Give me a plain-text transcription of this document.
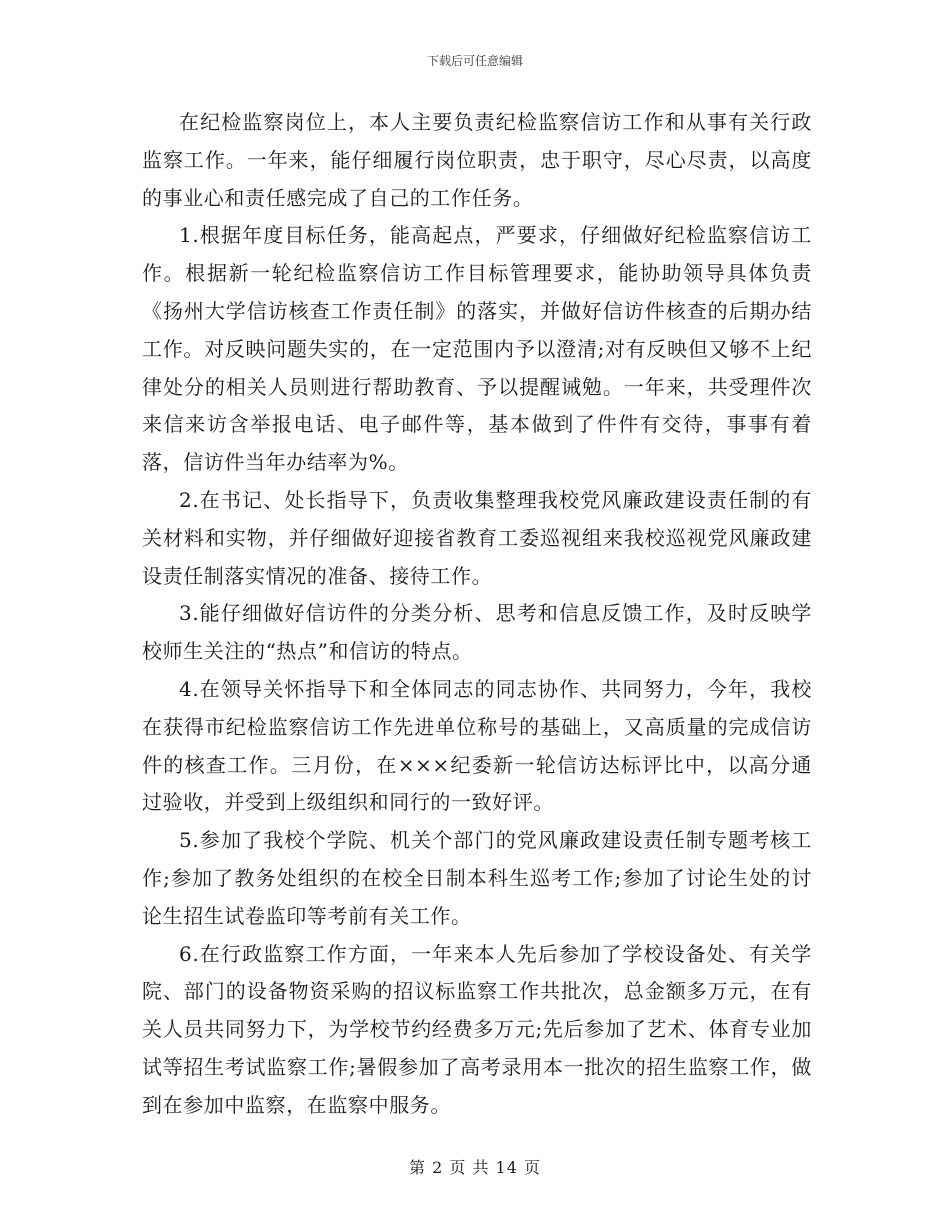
下载后可任意编辑

在纪检监察岗位上，本人主要负责纪检监察信访工作和从事有关行政监察工作。一年来，能仔细履行岗位职责，忠于职守，尽心尽责，以高度的事业心和责任感完成了自己的工作任务。

1.根据年度目标任务，能高起点，严要求，仔细做好纪检监察信访工作。根据新一轮纪检监察信访工作目标管理要求，能协助领导具体负责《扬州大学信访核查工作责任制》的落实，并做好信访件核查的后期办结工作。对反映问题失实的，在一定范围内予以澄清;对有反映但又够不上纪律处分的相关人员则进行帮助教育、予以提醒诫勉。一年来，共受理件次来信来访含举报电话、电子邮件等，基本做到了件件有交待，事事有着落，信访件当年办结率为%。

2.在书记、处长指导下，负责收集整理我校党风廉政建设责任制的有关材料和实物，并仔细做好迎接省教育工委巡视组来我校巡视党风廉政建设责任制落实情况的准备、接待工作。

3.能仔细做好信访件的分类分析、思考和信息反馈工作，及时反映学校师生关注的“热点”和信访的特点。

4.在领导关怀指导下和全体同志的同志协作、共同努力，今年，我校在获得市纪检监察信访工作先进单位称号的基础上，又高质量的完成信访件的核查工作。三月份，在×××纪委新一轮信访达标评比中，以高分通过验收，并受到上级组织和同行的一致好评。

5.参加了我校个学院、机关个部门的党风廉政建设责任制专题考核工作;参加了教务处组织的在校全日制本科生巡考工作;参加了讨论生处的讨论生招生试卷监印等考前有关工作。

6.在行政监察工作方面，一年来本人先后参加了学校设备处、有关学院、部门的设备物资采购的招议标监察工作共批次，总金额多万元，在有关人员共同努力下，为学校节约经费多万元;先后参加了艺术、体育专业加试等招生考试监察工作;暑假参加了高考录用本一批次的招生监察工作，做到在参加中监察，在监察中服务。

第 2 页 共 14 页
